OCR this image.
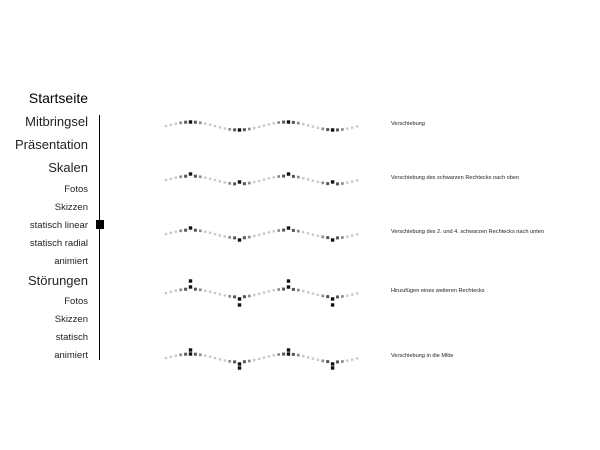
Startseite
Mitbringsel
Präsentation
Skalen
Fotos
Skizzen
statisch linear
statisch radial
animiert
Störungen
Fotos
Skizzen
statisch
animiert
Verschiebung
Verschiebung des schwarzen Rechtecks nach oben
Verschiebung des 2. und 4. schwarzen Rechtecks nach unten
Hinzufügen eines weiteren Rechtecks
Verschiebung in die Mitte
